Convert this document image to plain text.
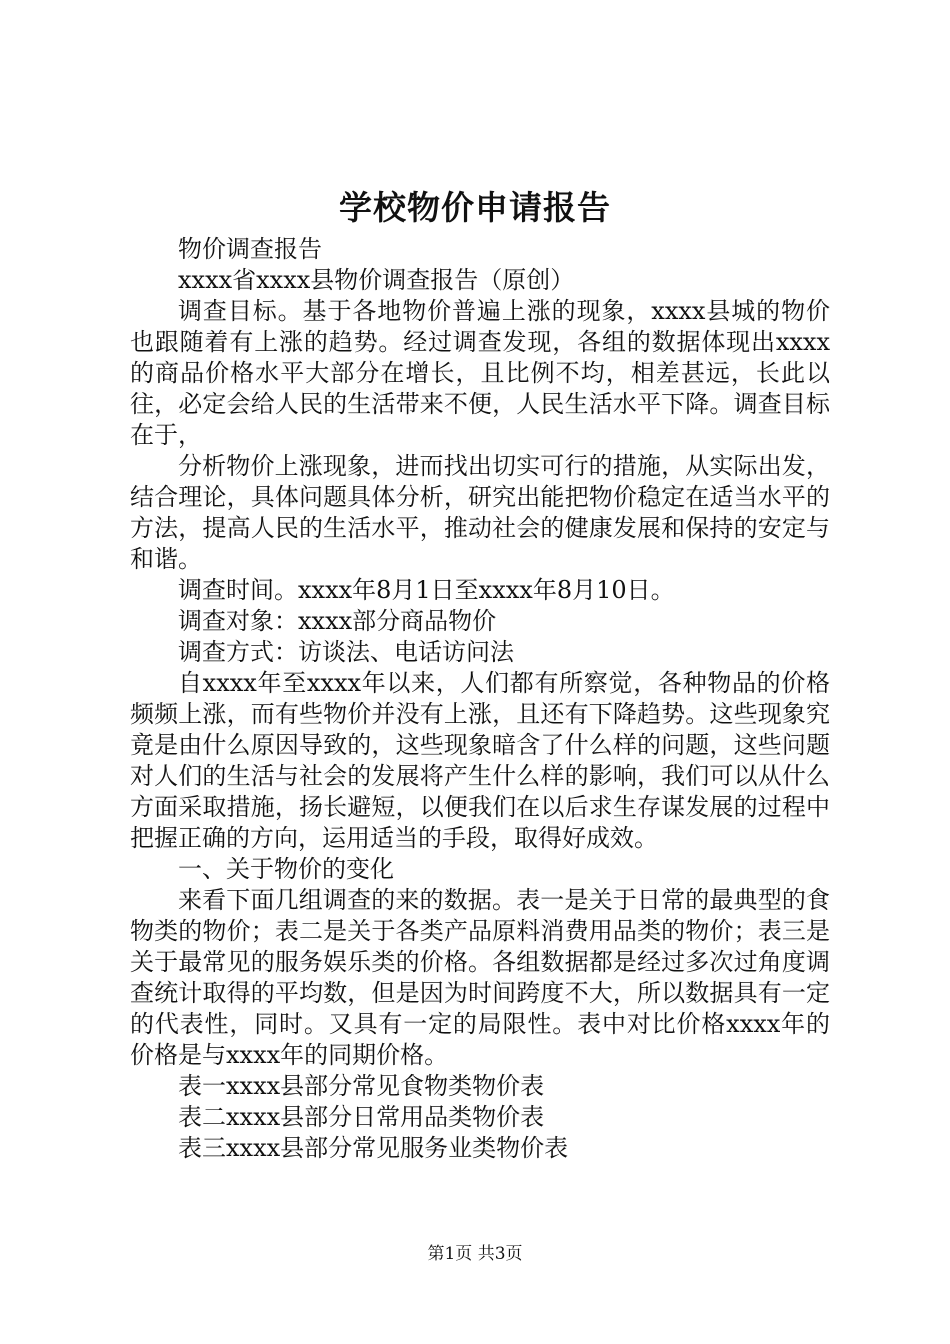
学校物价申请报告

物价调查报告

xxxx省xxxx县物价调查报告（原创）

调查目标。基于各地物价普遍上涨的现象，xxxx县城的物价也跟随着有上涨的趋势。经过调查发现，各组的数据体现出xxxx的商品价格水平大部分在增长，且比例不均，相差甚远，长此以往，必定会给人民的生活带来不便，人民生活水平下降。调查目标在于，

分析物价上涨现象，进而找出切实可行的措施，从实际出发，结合理论，具体问题具体分析，研究出能把物价稳定在适当水平的方法，提高人民的生活水平，推动社会的健康发展和保持的安定与和谐。

调查时间。xxxx年8月1日至xxxx年8月10日。

调查对象：xxxx部分商品物价

调查方式：访谈法、电话访问法

自xxxx年至xxxx年以来，人们都有所察觉，各种物品的价格频频上涨，而有些物价并没有上涨，且还有下降趋势。这些现象究竟是由什么原因导致的，这些现象暗含了什么样的问题，这些问题对人们的生活与社会的发展将产生什么样的影响，我们可以从什么方面采取措施，扬长避短，以便我们在以后求生存谋发展的过程中把握正确的方向，运用适当的手段，取得好成效。

一、关于物价的变化

来看下面几组调查的来的数据。表一是关于日常的最典型的食物类的物价；表二是关于各类产品原料消费用品类的物价；表三是关于最常见的服务娱乐类的价格。各组数据都是经过多次过角度调查统计取得的平均数，但是因为时间跨度不大，所以数据具有一定的代表性，同时。又具有一定的局限性。表中对比价格xxxx年的价格是与xxxx年的同期价格。

表一xxxx县部分常见食物类物价表

表二xxxx县部分日常用品类物价表

表三xxxx县部分常见服务业类物价表

第1页 共3页
